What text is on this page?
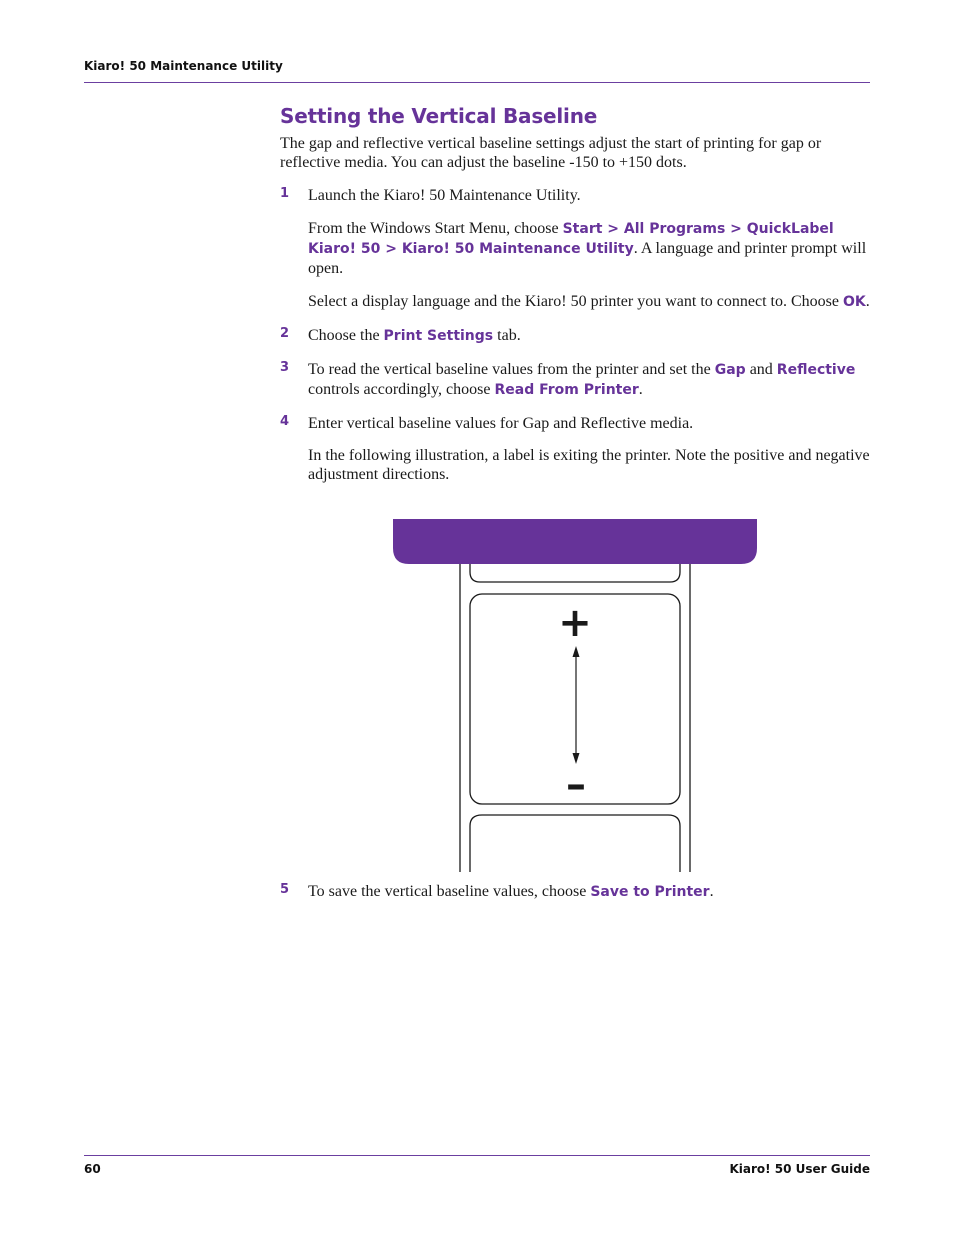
Kiaro! 50 Maintenance Utility
Setting the Vertical Baseline

The gap and reflective vertical baseline settings adjust the start of printing for gap or reflective media. You can adjust the baseline -150 to +150 dots.

1 Launch the Kiaro! 50 Maintenance Utility.

From the Windows Start Menu, choose Start > All Programs > QuickLabel Kiaro! 50 > Kiaro! 50 Maintenance Utility. A language and printer prompt will open.

Select a display language and the Kiaro! 50 printer you want to connect to. Choose OK.

2 Choose the Print Settings tab.

3 To read the vertical baseline values from the printer and set the Gap and Reflective controls accordingly, choose Read From Printer.

4 Enter vertical baseline values for Gap and Reflective media.

In the following illustration, a label is exiting the printer. Note the positive and negative adjustment directions.

+
–
5 To save the vertical baseline values, choose Save to Printer.

60	Kiaro! 50 User Guide
